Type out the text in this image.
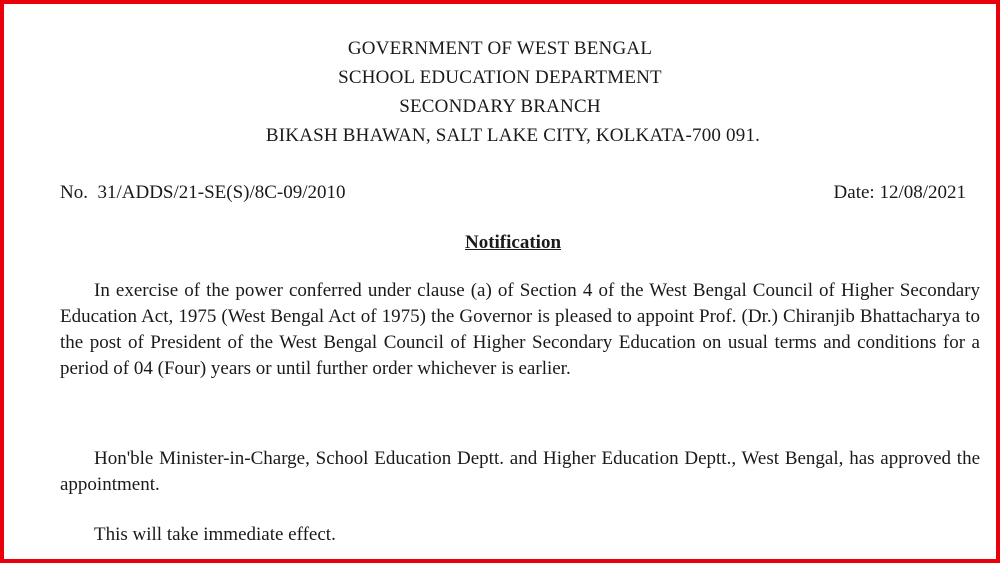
GOVERNMENT OF WEST BENGAL
SCHOOL EDUCATION DEPARTMENT
SECONDARY BRANCH
BIKASH BHAWAN, SALT LAKE CITY, KOLKATA-700 091.
No.  31/ADDS/21-SE(S)/8C-09/2010	Date: 12/08/2021
Notification

In exercise of the power conferred under clause (a) of Section 4 of the West Bengal Council of Higher Secondary Education Act, 1975 (West Bengal Act of 1975) the Governor is pleased to appoint Prof. (Dr.) Chiranjib Bhattacharya to the post of President of the West Bengal Council of Higher Secondary Education on usual terms and conditions for a period of 04 (Four) years or until further order whichever is earlier.

Hon'ble Minister-in-Charge, School Education Deptt. and Higher Education Deptt., West Bengal, has approved the appointment.

This will take immediate effect.
